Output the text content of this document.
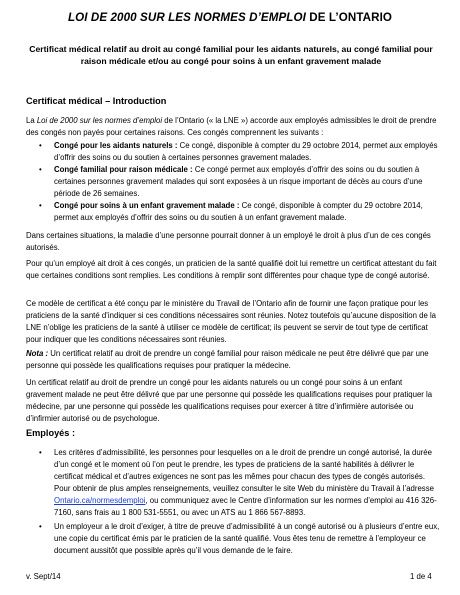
LOI DE 2000 SUR LES NORMES D’EMPLOI DE L’ONTARIO
Certificat médical relatif au droit au congé familial pour les aidants naturels, au congé familial pour raison médicale et/ou au congé pour soins à un enfant gravement malade
Certificat médical – Introduction
La Loi de 2000 sur les normes d’emploi de l’Ontario (« la LNE ») accorde aux employés admissibles le droit de prendre des congés non payés pour certaines raisons. Ces congés comprennent les suivants :
• Congé pour les aidants naturels : Ce congé, disponible à compter du 29 octobre 2014, permet aux employés d’offrir des soins ou du soutien à certaines personnes gravement malades.
• Congé familial pour raison médicale : Ce congé permet aux employés d’offrir des soins ou du soutien à certaines personnes gravement malades qui sont exposées à un risque important de décès au cours d’une période de 26 semaines.
• Congé pour soins à un enfant gravement malade : Ce congé, disponible à compter du 29 octobre 2014, permet aux employés d’offrir des soins ou du soutien à un enfant gravement malade.
Dans certaines situations, la maladie d’une personne pourrait donner à un employé le droit à plus d’un de ces congés autorisés.
Pour qu’un employé ait droit à ces congés, un praticien de la santé qualifié doit lui remettre un certificat attestant du fait que certaines conditions sont remplies. Les conditions à remplir sont différentes pour chaque type de congé autorisé.
Ce modèle de certificat a été conçu par le ministère du Travail de l’Ontario afin de fournir une façon pratique pour les praticiens de la santé d’indiquer si ces conditions nécessaires sont réunies. Notez toutefois qu’aucune disposition de la LNE n’oblige les praticiens de la santé à utiliser ce modèle de certificat; ils peuvent se servir de tout type de certificat pour indiquer que les conditions nécessaires sont réunies.
Nota : Un certificat relatif au droit de prendre un congé familial pour raison médicale ne peut être délivré que par une personne qui possède les qualifications requises pour pratiquer la médecine.
Un certificat relatif au droit de prendre un congé pour les aidants naturels ou un congé pour soins à un enfant gravement malade ne peut être délivré que par une personne qui possède les qualifications requises pour pratiquer la médecine, par une personne qui possède les qualifications requises pour exercer à titre d’infirmière autorisée ou d’infirmier autorisé ou de psychologue.
Employés :
• Les critères d’admissibilité, les personnes pour lesquelles on a le droit de prendre un congé autorisé, la durée d’un congé et le moment où l’on peut le prendre, les types de praticiens de la santé habilités à délivrer le certificat médical et d’autres exigences ne sont pas les mêmes pour chacun des types de congés autorisés. Pour obtenir de plus amples renseignements, veuillez consulter le site Web du ministère du Travail à l’adresse Ontario.ca/normesdemploi, ou communiquez avec le Centre d’information sur les normes d’emploi au 416 326-7160, sans frais au 1 800 531-5551, ou avec un ATS au 1 866 567-8893.
• Un employeur a le droit d’exiger, à titre de preuve d’admissibilité à un congé autorisé ou à plusieurs d’entre eux, une copie du certificat émis par le praticien de la santé qualifié. Vous êtes tenu de remettre à l’employeur ce document aussitôt que possible après qu’il vous demande de le faire.
v. Sept/14	1 de 4
